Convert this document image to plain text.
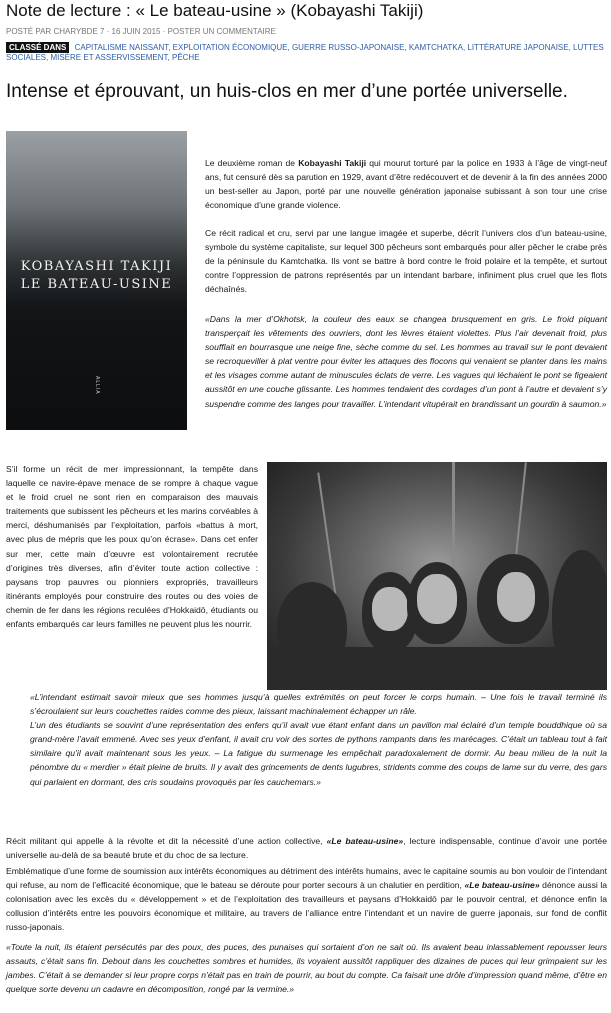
Note de lecture : « Le bateau-usine » (Kobayashi Takiji)
POSTÉ PAR CHARYBDE 7 · 16 JUIN 2015 · POSTER UN COMMENTAIRE
CLASSÉ DANS CAPITALISME NAISSANT, EXPLOITATION ÉCONOMIQUE, GUERRE RUSSO-JAPONAISE, KAMTCHATKA, LITTÉRATURE JAPONAISE, LUTTES SOCIALES, MISÈRE ET ASSERVISSEMENT, PÊCHE
Intense et éprouvant, un huis-clos en mer d’une portée universelle.
KOBAYASHI TAKIJI
LE BATEAU-USINE
ALLIA

Le deuxième roman de Kobayashi Takiji qui mourut torturé par la police en 1933 à l’âge de vingt-neuf ans, fut censuré dès sa parution en 1929, avant d’être redécouvert et de devenir à la fin des années 2000 un best-seller au Japon, porté par une nouvelle génération japonaise subissant à son tour une crise économique d’une grande violence.

Ce récit radical et cru, servi par une langue imagée et superbe, décrit l’univers clos d’un bateau-usine, symbole du système capitaliste, sur lequel 300 pêcheurs sont embarqués pour aller pêcher le crabe près de la péninsule du Kamtchatka. Ils vont se battre à bord contre le froid polaire et la tempête, et surtout contre l’oppression de patrons représentés par un intendant barbare, infiniment plus cruel que les flots déchaînés.

«Dans la mer d’Okhotsk, la couleur des eaux se changea brusquement en gris. Le froid piquant transperçait les vêtements des ouvriers, dont les lèvres étaient violettes. Plus l’air devenait froid, plus soufflait en bourrasque une neige fine, sèche comme du sel. Les hommes au travail sur le pont devaient se recroqueviller à plat ventre pour éviter les attaques des flocons qui venaient se planter dans les mains et les visages comme autant de minuscules éclats de verre. Les vagues qui léchaient le pont se figeaient aussitôt en une couche glissante. Les hommes tendaient des cordages d’un pont à l’autre et devaient s’y suspendre comme des langes pour travailler. L’intendant vitupérait en brandissant un gourdin à saumon.»

S’il forme un récit de mer impressionnant, la tempête dans laquelle ce navire-épave menace de se rompre à chaque vague et le froid cruel ne sont rien en comparaison des mauvais traitements que subissent les pêcheurs et les marins corvéables à merci, déshumanisés par l’exploitation, parfois «battus à mort, avec plus de mépris que les poux qu’on écrase». Dans cet enfer sur mer, cette main d’œuvre est volontairement recrutée d’origines très diverses, afin d’éviter toute action collective : paysans trop pauvres ou pionniers expropriés, travailleurs itinérants employés pour construire des routes ou des voies de chemin de fer dans les régions reculées d’Hokkaidō, étudiants ou enfants embarqués car leurs familles ne peuvent plus les nourrir.

«L’intendant estimait savoir mieux que ses hommes jusqu’à quelles extrémités on peut forcer le corps humain. – Une fois le travail terminé ils s’écroulaient sur leurs couchettes raides comme des pieux, laissant machinalement échapper un râle.
L’un des étudiants se souvint d’une représentation des enfers qu’il avait vue étant enfant dans un pavillon mal éclairé d’un temple bouddhique où sa grand-mère l’avait emmené. Avec ses yeux d’enfant, il avait cru voir des sortes de pythons rampants dans les marécages. C’était un tableau tout à fait similaire qu’il avait maintenant sous les yeux. – La fatigue du surmenage les empêchait paradoxalement de dormir. Au beau milieu de la nuit la pénombre du « merdier » était pleine de bruits. Il y avait des grincements de dents lugubres, stridents comme des coups de lame sur du verre, des gars qui parlaient en dormant, des cris soudains provoqués par les cauchemars.»

Récit militant qui appelle à la révolte et dit la nécessité d’une action collective, «Le bateau-usine», lecture indispensable, continue d’avoir une portée universelle au-delà de sa beauté brute et du choc de sa lecture.

Emblématique d’une forme de soumission aux intérêts économiques au détriment des intérêts humains, avec le capitaine soumis au bon vouloir de l’intendant qui refuse, au nom de l’efficacité économique, que le bateau se déroute pour porter secours à un chalutier en perdition, «Le bateau-usine» dénonce aussi la colonisation avec les excès du « développement » et de l’exploitation des travailleurs et paysans d’Hokkaidō par le pouvoir central, et dénonce enfin la collusion d’intérêts entre les pouvoirs économique et militaire, au travers de l’alliance entre l’intendant et un navire de guerre japonais, sur fond de conflit russo-japonais.

«Toute la nuit, ils étaient persécutés par des poux, des puces, des punaises qui sortaient d’on ne sait où. Ils avaient beau inlassablement repousser leurs assauts, c’était sans fin. Debout dans les couchettes sombres et humides, ils voyaient aussitôt rappliquer des dizaines de puces qui leur grimpaient sur les jambes. C’était à se demander si leur propre corps n’était pas en train de pourrir, au bout du compte. Ca faisait une drôle d’impression quand même, d’être en quelque sorte devenu un cadavre en décomposition, rongé par la vermine.»
